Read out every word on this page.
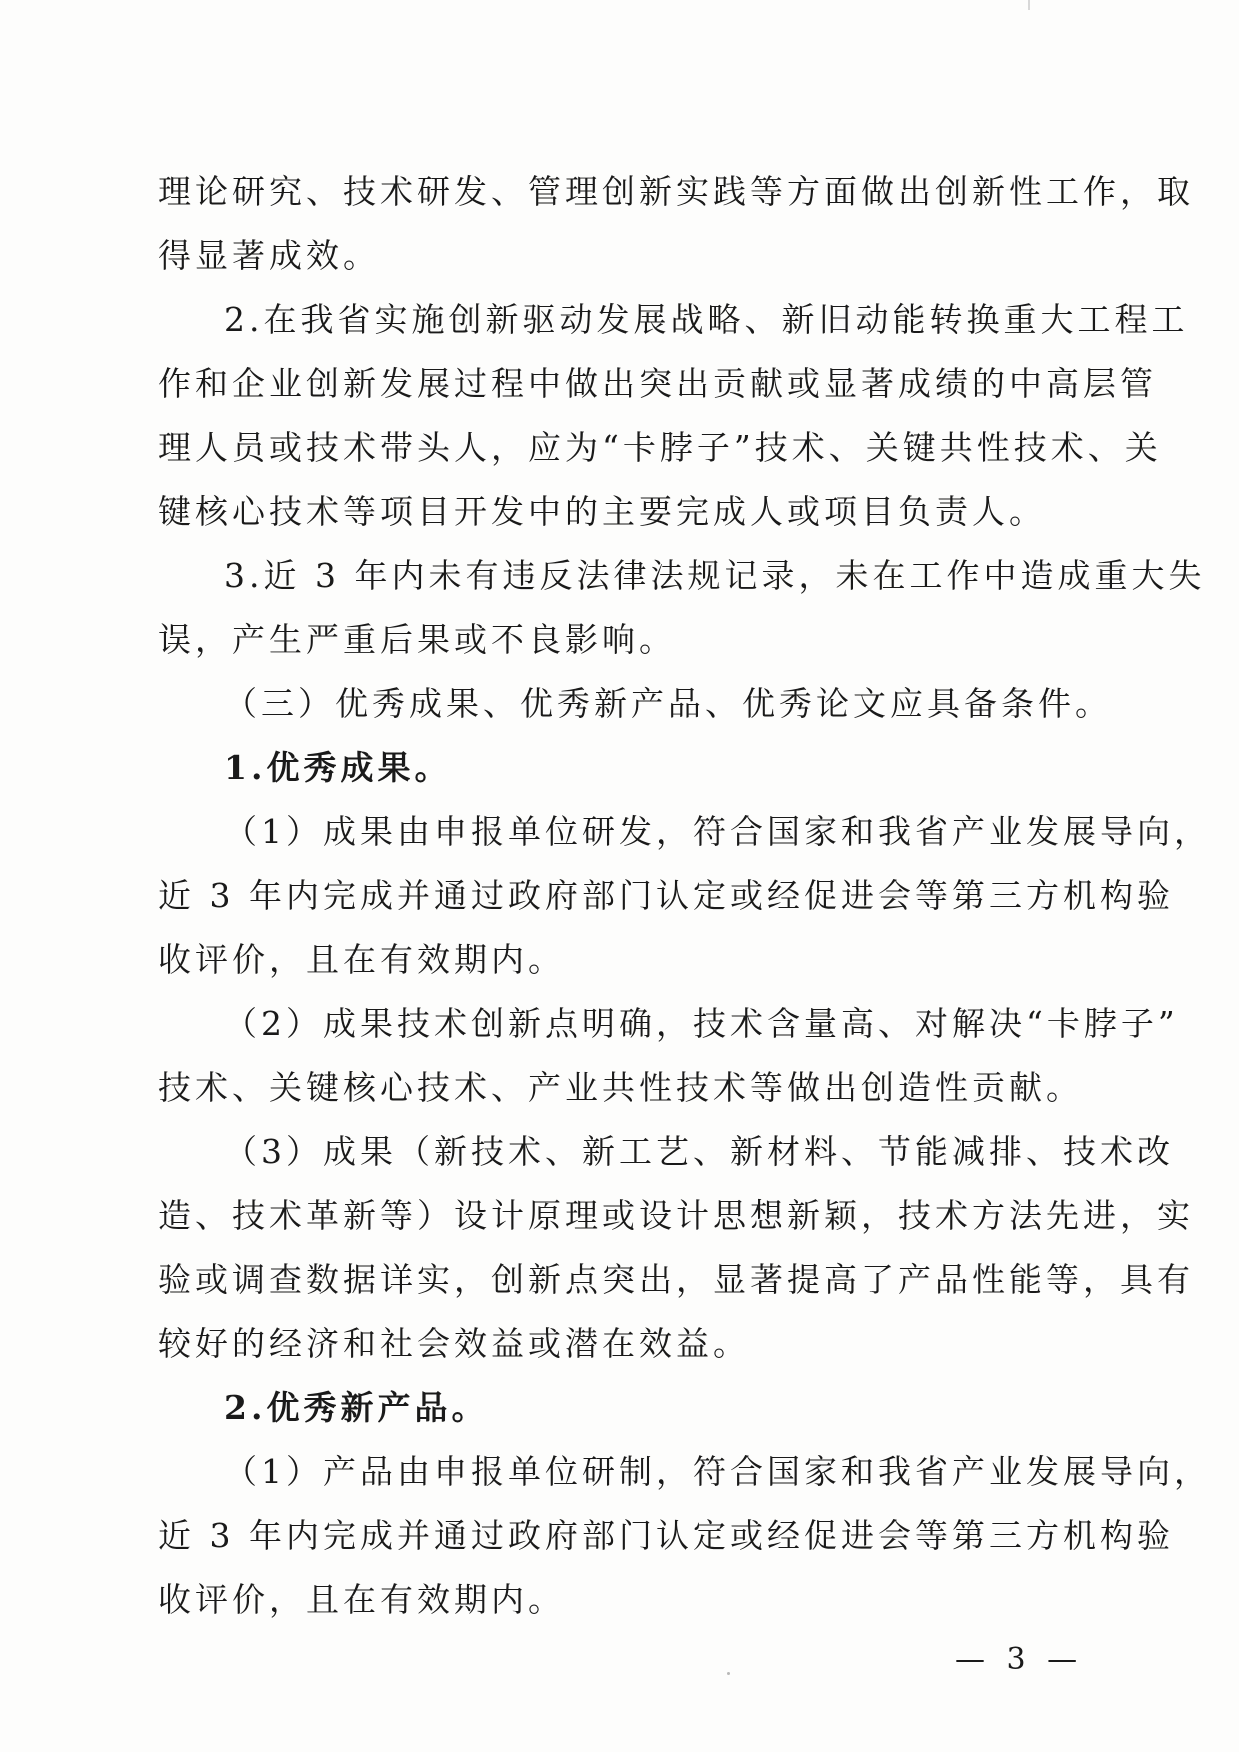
理论研究、技术研发、管理创新实践等方面做出创新性工作，取
得显著成效。
2.在我省实施创新驱动发展战略、新旧动能转换重大工程工
作和企业创新发展过程中做出突出贡献或显著成绩的中高层管
理人员或技术带头人，应为“卡脖子”技术、关键共性技术、关
键核心技术等项目开发中的主要完成人或项目负责人。
3.近 3 年内未有违反法律法规记录，未在工作中造成重大失
误，产生严重后果或不良影响。
（三）优秀成果、优秀新产品、优秀论文应具备条件。
1.优秀成果。
（1）成果由申报单位研发，符合国家和我省产业发展导向，
近 3 年内完成并通过政府部门认定或经促进会等第三方机构验
收评价，且在有效期内。
（2）成果技术创新点明确，技术含量高、对解决“卡脖子”
技术、关键核心技术、产业共性技术等做出创造性贡献。
（3）成果（新技术、新工艺、新材料、节能减排、技术改
造、技术革新等）设计原理或设计思想新颖，技术方法先进，实
验或调查数据详实，创新点突出，显著提高了产品性能等，具有
较好的经济和社会效益或潜在效益。
2.优秀新产品。
（1）产品由申报单位研制，符合国家和我省产业发展导向，
近 3 年内完成并通过政府部门认定或经促进会等第三方机构验
收评价，且在有效期内。
— 3 —
